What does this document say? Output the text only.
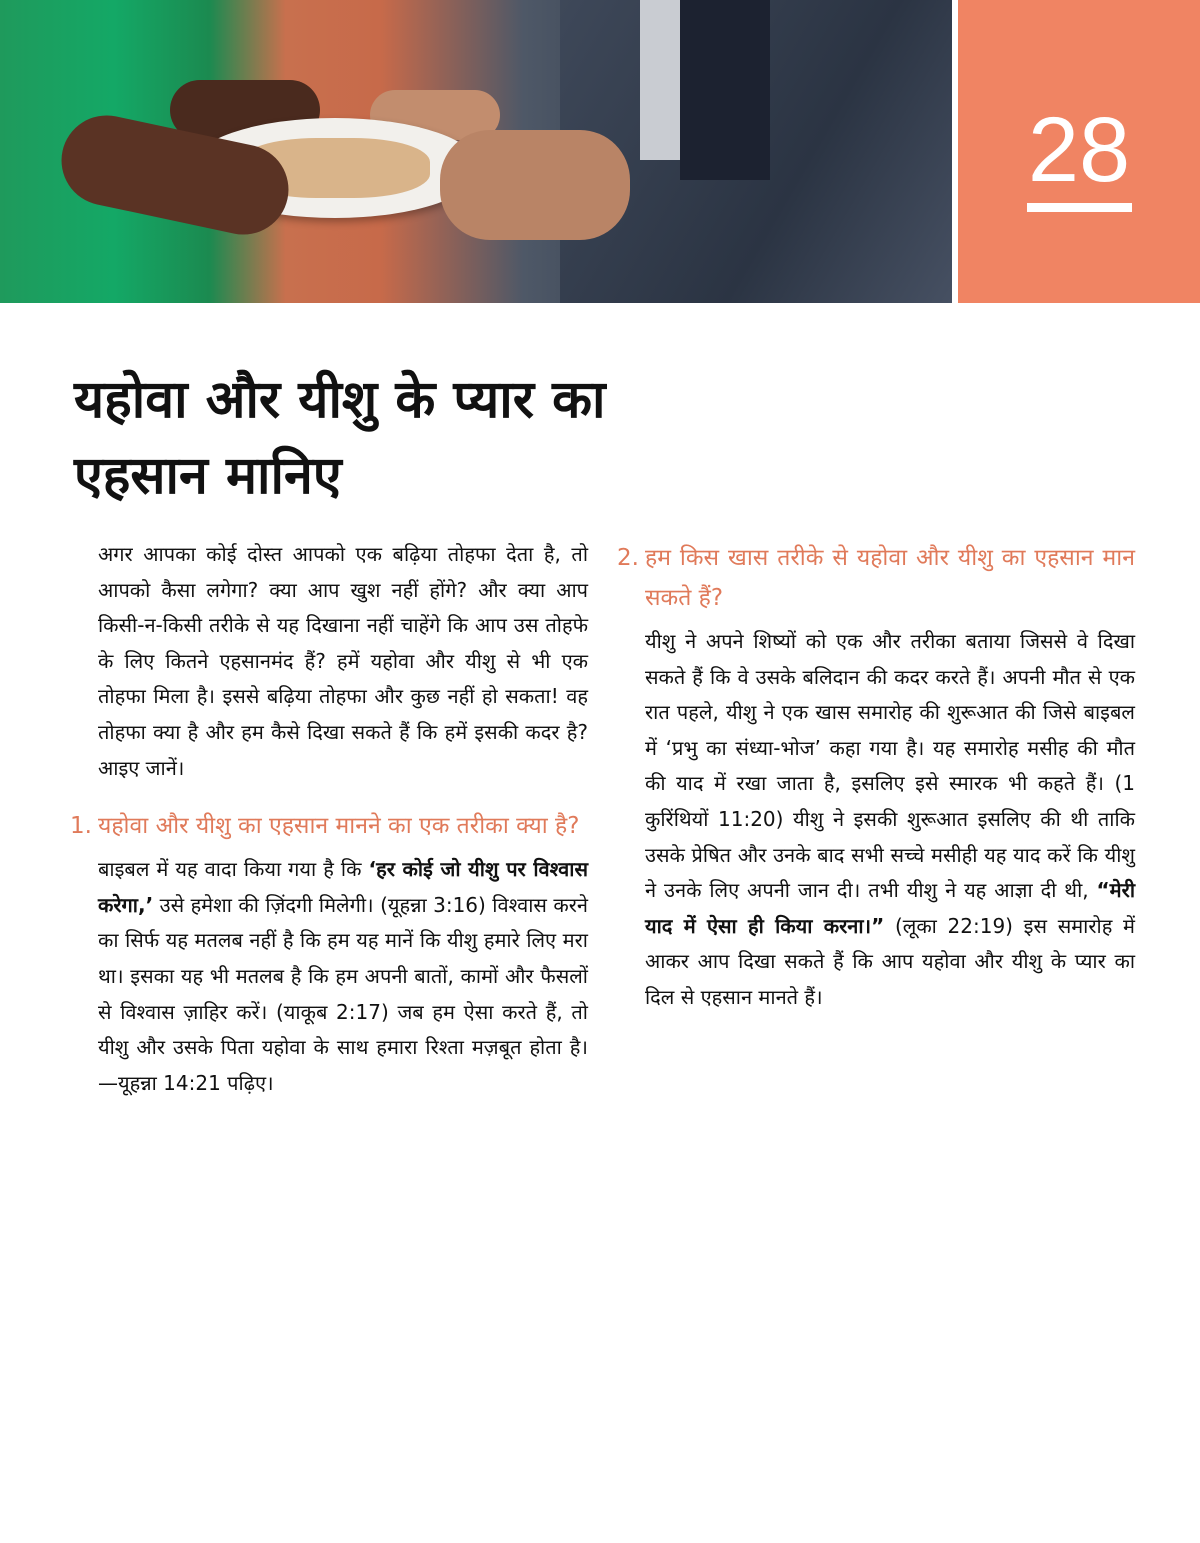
28
यहोवा और यीशु के प्यार का
एहसान मानिए

अगर आपका कोई दोस्त आपको एक बढ़िया तोहफा देता है, तो आपको कैसा लगेगा? क्या आप खुश नहीं होंगे? और क्या आप किसी-न-किसी तरीके से यह दिखाना नहीं चाहेंगे कि आप उस तोहफे के लिए कितने एहसानमंद हैं? हमें यहोवा और यीशु से भी एक तोहफा मिला है। इससे बढ़िया तोहफा और कुछ नहीं हो सकता! वह तोहफा क्या है और हम कैसे दिखा सकते हैं कि हमें इसकी कदर है? आइए जानें।

1. यहोवा और यीशु का एहसान मानने का एक तरीका क्या है?

बाइबल में यह वादा किया गया है कि ‘हर कोई जो यीशु पर विश्वास करेगा,’ उसे हमेशा की ज़िंदगी मिलेगी। (यूहन्ना 3:16) विश्वास करने का सिर्फ यह मतलब नहीं है कि हम यह मानें कि यीशु हमारे लिए मरा था। इसका यह भी मतलब है कि हम अपनी बातों, कामों और फैसलों से विश्वास ज़ाहिर करें। (याकूब 2:17) जब हम ऐसा करते हैं, तो यीशु और उसके पिता यहोवा के साथ हमारा रिश्ता मज़बूत होता है।—यूहन्ना 14:21 पढ़िए।

2. हम किस खास तरीके से यहोवा और यीशु का एहसान मान सकते हैं?

यीशु ने अपने शिष्यों को एक और तरीका बताया जिससे वे दिखा सकते हैं कि वे उसके बलिदान की कदर करते हैं। अपनी मौत से एक रात पहले, यीशु ने एक खास समारोह की शुरूआत की जिसे बाइबल में ‘प्रभु का संध्या-भोज’ कहा गया है। यह समारोह मसीह की मौत की याद में रखा जाता है, इसलिए इसे स्मारक भी कहते हैं। (1 कुरिंथियों 11:20) यीशु ने इसकी शुरूआत इसलिए की थी ताकि उसके प्रेषित और उनके बाद सभी सच्चे मसीही यह याद करें कि यीशु ने उनके लिए अपनी जान दी। तभी यीशु ने यह आज्ञा दी थी, “मेरी याद में ऐसा ही किया करना।” (लूका 22:19) इस समारोह में आकर आप दिखा सकते हैं कि आप यहोवा और यीशु के प्यार का दिल से एहसान मानते हैं।
